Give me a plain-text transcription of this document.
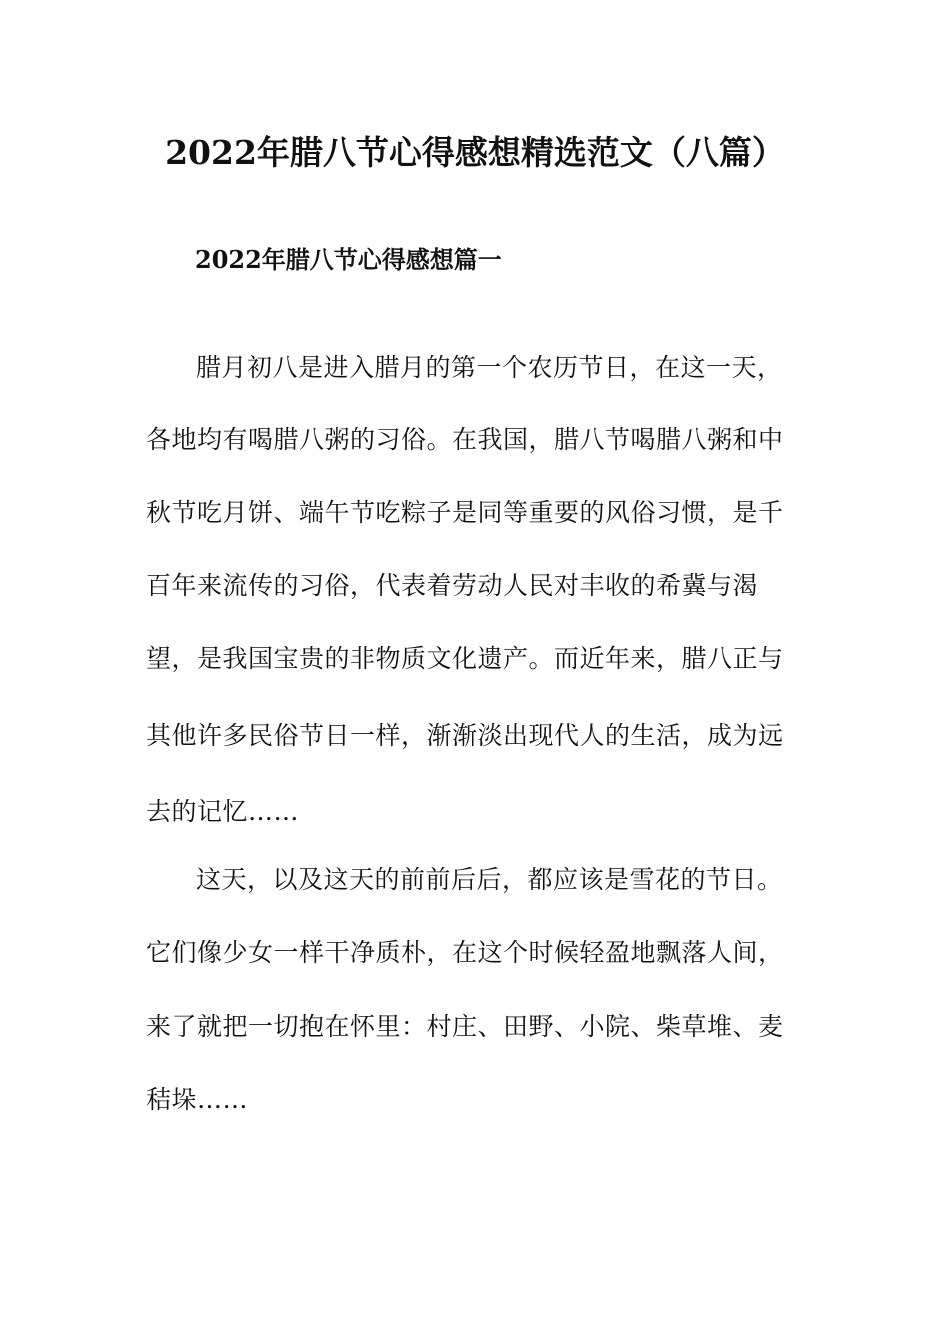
2022年腊八节心得感想精选范文（八篇）
2022年腊八节心得感想篇一

腊月初八是进入腊月的第一个农历节日，在这一天，

各地均有喝腊八粥的习俗。在我国，腊八节喝腊八粥和中

秋节吃月饼、端午节吃粽子是同等重要的风俗习惯，是千

百年来流传的习俗，代表着劳动人民对丰收的希冀与渴

望，是我国宝贵的非物质文化遗产。而近年来，腊八正与

其他许多民俗节日一样，渐渐淡出现代人的生活，成为远

去的记忆……

这天，以及这天的前前后后，都应该是雪花的节日。

它们像少女一样干净质朴，在这个时候轻盈地飘落人间，

来了就把一切抱在怀里：村庄、田野、小院、柴草堆、麦

秸垛……
